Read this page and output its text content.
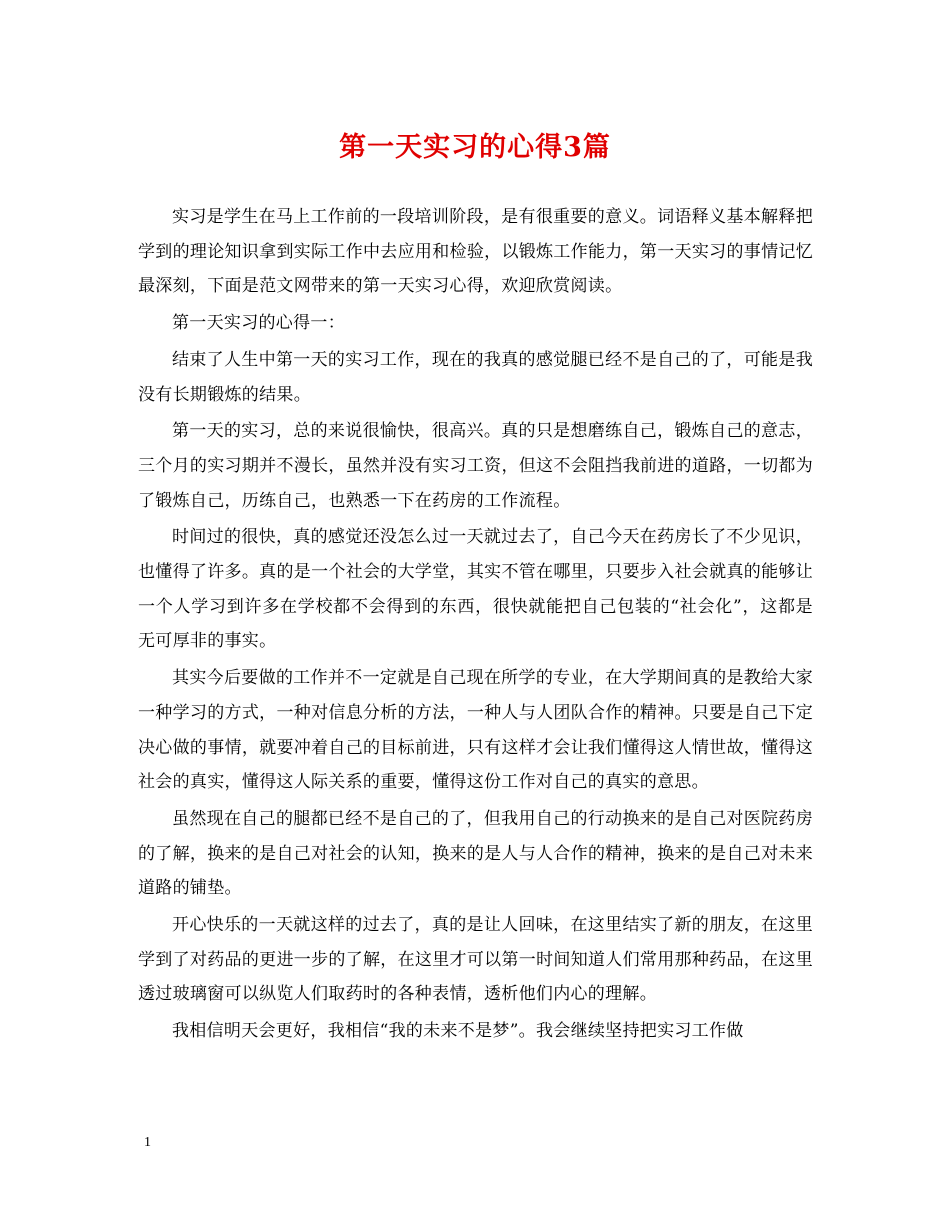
第一天实习的心得3篇

实习是学生在马上工作前的一段培训阶段，是有很重要的意义。词语释义基本解释把学到的理论知识拿到实际工作中去应用和检验，以锻炼工作能力，第一天实习的事情记忆最深刻，下面是范文网带来的第一天实习心得，欢迎欣赏阅读。

第一天实习的心得一：

结束了人生中第一天的实习工作，现在的我真的感觉腿已经不是自己的了，可能是我没有长期锻炼的结果。

第一天的实习，总的来说很愉快，很高兴。真的只是想磨练自己，锻炼自己的意志，三个月的实习期并不漫长，虽然并没有实习工资，但这不会阻挡我前进的道路，一切都为了锻炼自己，历练自己，也熟悉一下在药房的工作流程。

时间过的很快，真的感觉还没怎么过一天就过去了，自己今天在药房长了不少见识，也懂得了许多。真的是一个社会的大学堂，其实不管在哪里，只要步入社会就真的能够让一个人学习到许多在学校都不会得到的东西，很快就能把自己包装的“社会化”，这都是无可厚非的事实。

其实今后要做的工作并不一定就是自己现在所学的专业，在大学期间真的是教给大家一种学习的方式，一种对信息分析的方法，一种人与人团队合作的精神。只要是自己下定决心做的事情，就要冲着自己的目标前进，只有这样才会让我们懂得这人情世故，懂得这社会的真实，懂得这人际关系的重要，懂得这份工作对自己的真实的意思。

虽然现在自己的腿都已经不是自己的了，但我用自己的行动换来的是自己对医院药房的了解，换来的是自己对社会的认知，换来的是人与人合作的精神，换来的是自己对未来道路的铺垫。

开心快乐的一天就这样的过去了，真的是让人回味，在这里结实了新的朋友，在这里学到了对药品的更进一步的了解，在这里才可以第一时间知道人们常用那种药品，在这里透过玻璃窗可以纵览人们取药时的各种表情，透析他们内心的理解。

我相信明天会更好，我相信“我的未来不是梦”。我会继续坚持把实习工作做

1
